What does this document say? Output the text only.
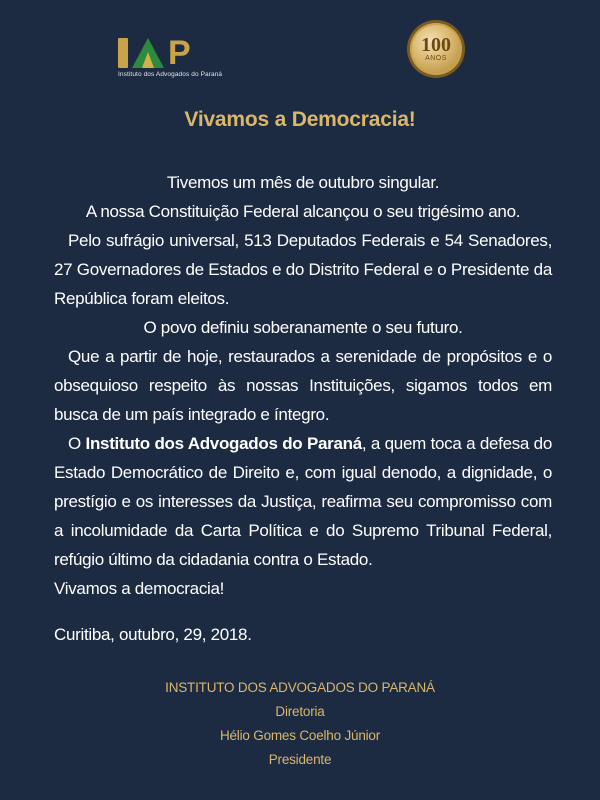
P
Instituto dos Advogados do Paraná
100
ANOS
Vivamos a Democracia!
Tivemos um mês de outubro singular.
A nossa Constituição Federal alcançou o seu trigésimo ano.
Pelo sufrágio universal, 513 Deputados Federais e 54 Senadores, 27 Governadores de Estados e do Distrito Federal e o Presidente da República foram eleitos.
O povo definiu soberanamente o seu futuro.
Que a partir de hoje, restaurados a serenidade de propósitos e o obsequioso respeito às nossas Instituições, sigamos todos em busca de um país integrado e íntegro.
O Instituto dos Advogados do Paraná, a quem toca a defesa do Estado Democrático de Direito e, com igual denodo, a dignidade, o prestígio e os interesses da Justiça, reafirma seu compromisso com a incolumidade da Carta Política e do Supremo Tribunal Federal, refúgio último da cidadania contra o Estado.
Vivamos a democracia!
Curitiba, outubro, 29, 2018.
INSTITUTO DOS ADVOGADOS DO PARANÁ
Diretoria
Hélio Gomes Coelho Júnior
Presidente
